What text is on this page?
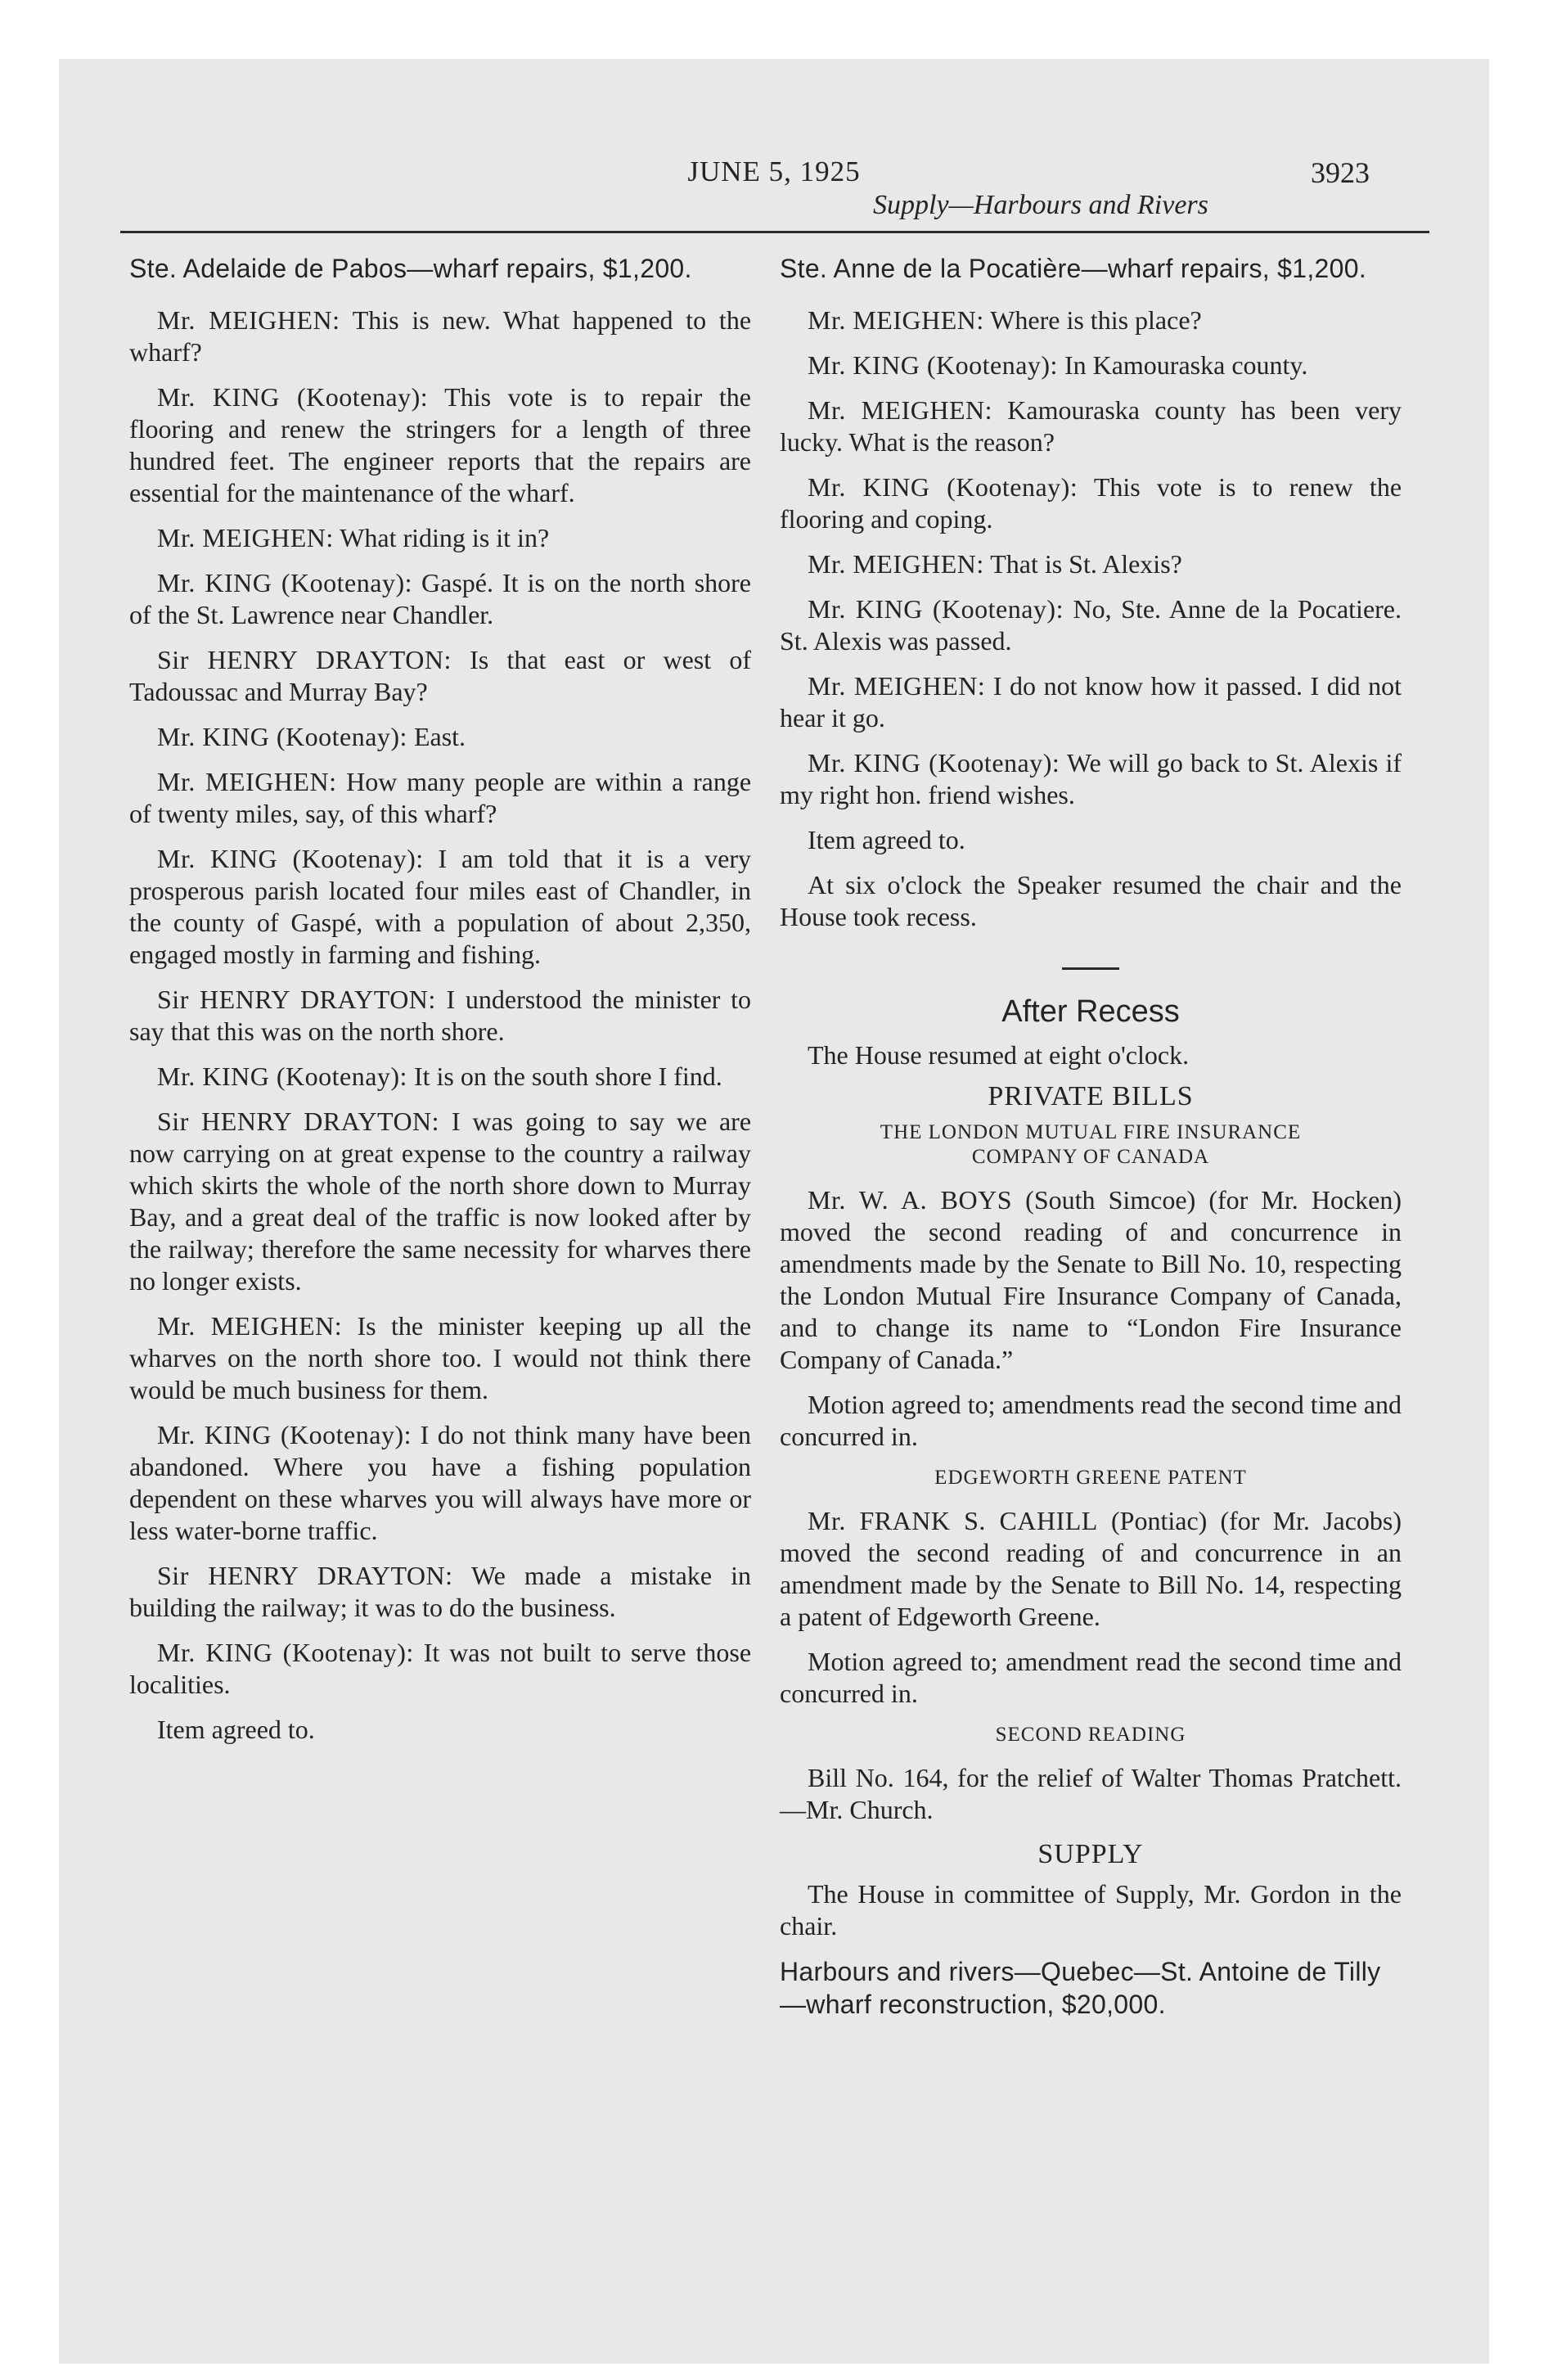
JUNE 5, 1925	3923
Supply—Harbours and Rivers
Ste. Adelaide de Pabos—wharf repairs, $1,200.

Mr. MEIGHEN: This is new. What happened to the wharf?

Mr. KING (Kootenay): This vote is to repair the flooring and renew the stringers for a length of three hundred feet. The engineer reports that the repairs are essential for the maintenance of the wharf.

Mr. MEIGHEN: What riding is it in?

Mr. KING (Kootenay): Gaspé. It is on the north shore of the St. Lawrence near Chandler.

Sir HENRY DRAYTON: Is that east or west of Tadoussac and Murray Bay?

Mr. KING (Kootenay): East.

Mr. MEIGHEN: How many people are within a range of twenty miles, say, of this wharf?

Mr. KING (Kootenay): I am told that it is a very prosperous parish located four miles east of Chandler, in the county of Gaspé, with a population of about 2,350, engaged mostly in farming and fishing.

Sir HENRY DRAYTON: I understood the minister to say that this was on the north shore.

Mr. KING (Kootenay): It is on the south shore I find.

Sir HENRY DRAYTON: I was going to say we are now carrying on at great expense to the country a railway which skirts the whole of the north shore down to Murray Bay, and a great deal of the traffic is now looked after by the railway; therefore the same necessity for wharves there no longer exists.

Mr. MEIGHEN: Is the minister keeping up all the wharves on the north shore too. I would not think there would be much business for them.

Mr. KING (Kootenay): I do not think many have been abandoned. Where you have a fishing population dependent on these wharves you will always have more or less water-borne traffic.

Sir HENRY DRAYTON: We made a mistake in building the railway; it was to do the business.

Mr. KING (Kootenay): It was not built to serve those localities.

Item agreed to.

Ste. Anne de la Pocatière—wharf repairs, $1,200.

Mr. MEIGHEN: Where is this place?

Mr. KING (Kootenay): In Kamouraska county.

Mr. MEIGHEN: Kamouraska county has been very lucky. What is the reason?

Mr. KING (Kootenay): This vote is to renew the flooring and coping.

Mr. MEIGHEN: That is St. Alexis?

Mr. KING (Kootenay): No, Ste. Anne de la Pocatiere. St. Alexis was passed.

Mr. MEIGHEN: I do not know how it passed. I did not hear it go.

Mr. KING (Kootenay): We will go back to St. Alexis if my right hon. friend wishes.

Item agreed to.

At six o'clock the Speaker resumed the chair and the House took recess.

After Recess

The House resumed at eight o'clock.

PRIVATE BILLS
THE LONDON MUTUAL FIRE INSURANCE
COMPANY OF CANADA

Mr. W. A. BOYS (South Simcoe) (for Mr. Hocken) moved the second reading of and concurrence in amendments made by the Senate to Bill No. 10, respecting the London Mutual Fire Insurance Company of Canada, and to change its name to “London Fire Insurance Company of Canada.”

Motion agreed to; amendments read the second time and concurred in.

EDGEWORTH GREENE PATENT

Mr. FRANK S. CAHILL (Pontiac) (for Mr. Jacobs) moved the second reading of and concurrence in an amendment made by the Senate to Bill No. 14, respecting a patent of Edgeworth Greene.

Motion agreed to; amendment read the second time and concurred in.

SECOND READING

Bill No. 164, for the relief of Walter Thomas Pratchett.—Mr. Church.

SUPPLY

The House in committee of Supply, Mr. Gordon in the chair.

Harbours and rivers—Quebec—St. Antoine de Tilly—wharf reconstruction, $20,000.
